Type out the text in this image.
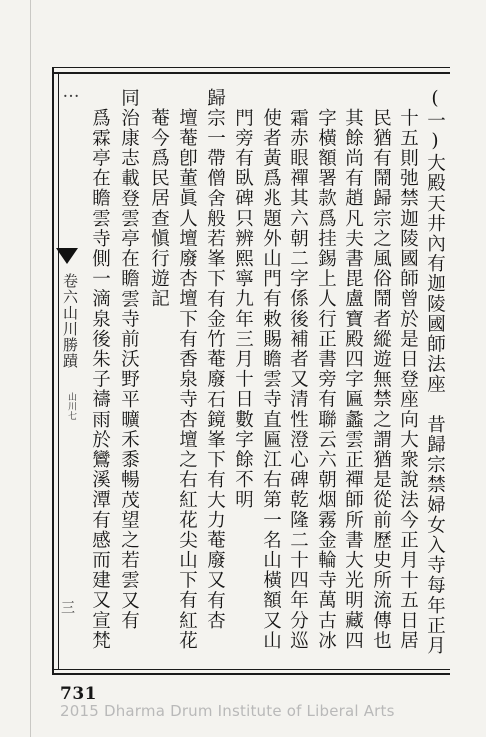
…
卷六山川勝蹟
山川七
三	(一)大殿天井內有迦陵國師法座　昔歸宗禁婦女入寺每年正月
十五則弛禁迦陵國師曾於是日登座向大衆說法今正月十五日居
民猶有鬧歸宗之風俗鬧者縱遊無禁之謂猶是從前歷史所流傳也
其餘尚有趙凡夫書毘盧寶殿四字匾蠡雲正禪師所書大光明藏四
字橫額署款爲挂錫上人行正書旁有聯云六朝烟霧金輪寺萬古冰
霜赤眼禪其六朝二字係後補者又清性澄心碑乾隆二十四年分巡
使者黃爲兆題外山門有敕賜瞻雲寺直匾江右第一名山橫額又山
門旁有臥碑只辨熙寧九年三月十日數字餘不明
歸宗一帶僧舍般若峯下有金竹菴廢石鏡峯下有大力菴廢又有杏
壇菴卽董眞人壇廢杏壇下有香泉寺杏壇之右紅花尖山下有紅花
菴今爲民居查愼行遊記
同治康志載登雲亭在瞻雲寺前沃野平曠禾黍暢茂望之若雲又有
爲霖亭在瞻雲寺側一滴泉後朱子禱雨於鸞溪潭有感而建又宣梵
731
2015 Dharma Drum Institute of Liberal Arts
